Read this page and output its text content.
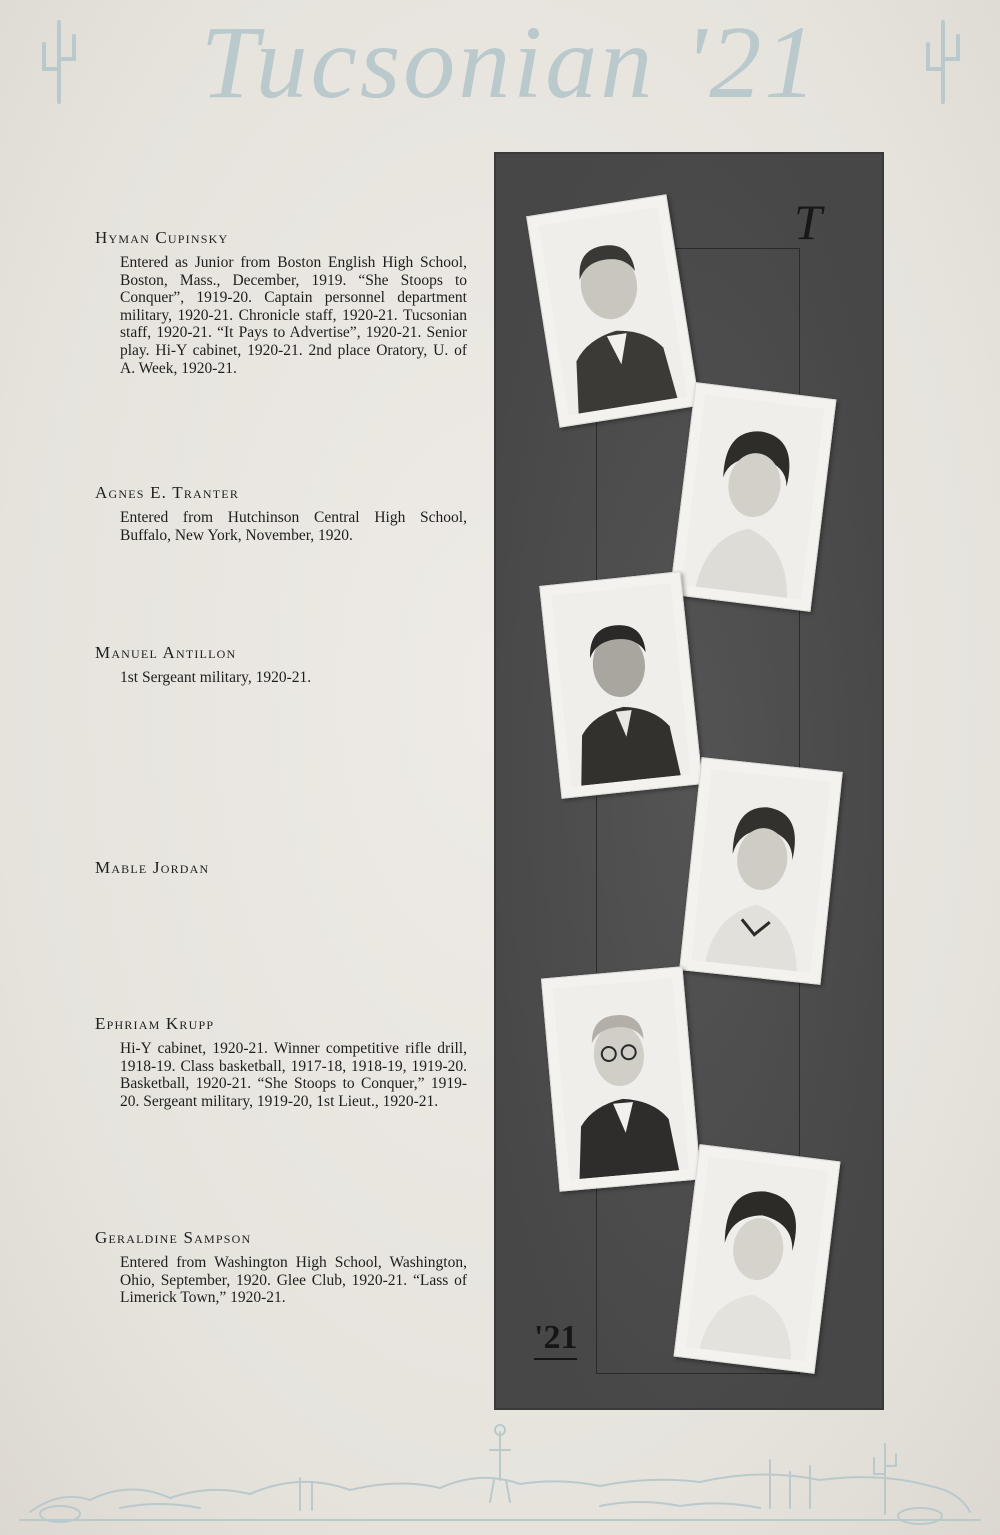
Tucsonian '21
Hyman Cupinsky
Entered as Junior from Boston English High School, Boston, Mass., December, 1919. “She Stoops to Conquer”, 1919-20. Captain personnel department military, 1920-21. Chronicle staff, 1920-21. Tucsonian staff, 1920-21. “It Pays to Advertise”, 1920-21. Senior play. Hi-Y cabinet, 1920-21. 2nd place Oratory, U. of A. Week, 1920-21.
Agnes E. Tranter
Entered from Hutchinson Central High School, Buffalo, New York, November, 1920.
Manuel Antillon
1st Sergeant military, 1920-21.
Mable Jordan
Ephriam Krupp
Hi-Y cabinet, 1920-21. Winner competitive rifle drill, 1918-19. Class basketball, 1917-18, 1918-19, 1919-20. Basketball, 1920-21. “She Stoops to Conquer,” 1919-20. Sergeant military, 1919-20, 1st Lieut., 1920-21.
Geraldine Sampson
Entered from Washington High School, Washington, Ohio, September, 1920. Glee Club, 1920-21. “Lass of Limerick Town,” 1920-21.
T
'21
